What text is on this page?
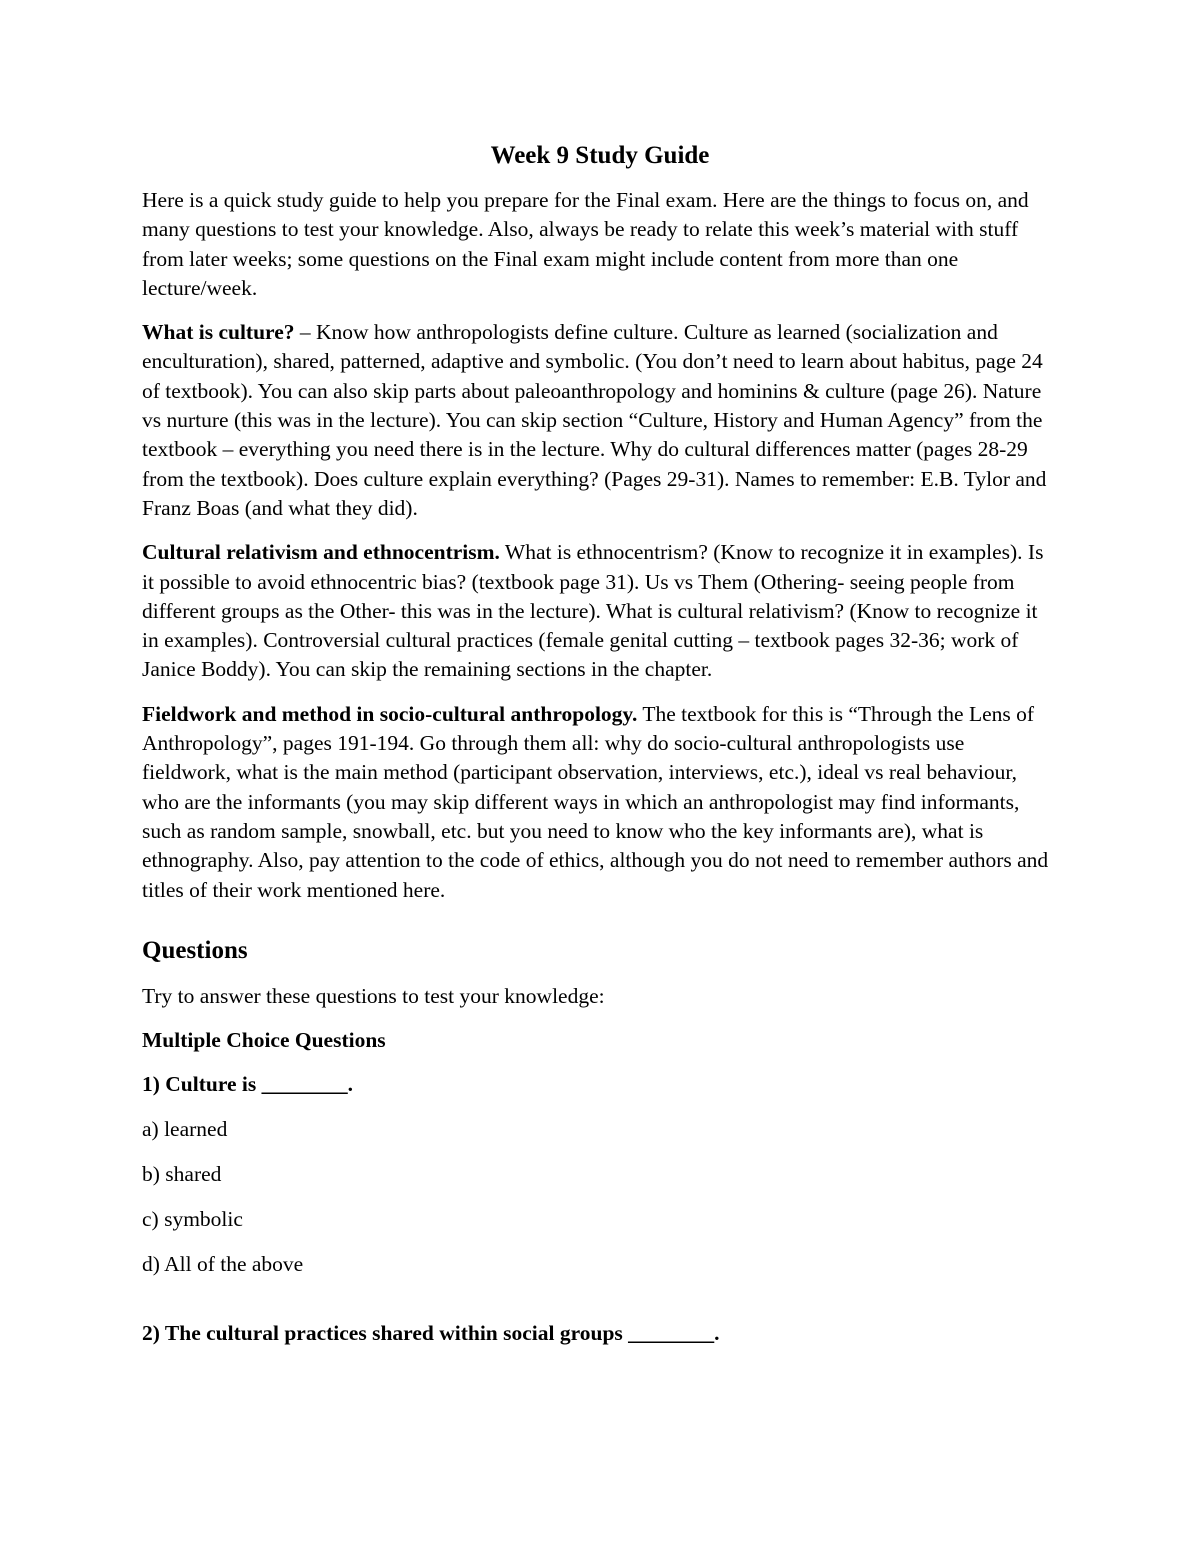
Week 9 Study Guide
Here is a quick study guide to help you prepare for the Final exam. Here are the things to focus on, and many questions to test your knowledge. Also, always be ready to relate this week’s material with stuff from later weeks; some questions on the Final exam might include content from more than one lecture/week.
What is culture? – Know how anthropologists define culture. Culture as learned (socialization and enculturation), shared, patterned, adaptive and symbolic. (You don’t need to learn about habitus, page 24 of textbook). You can also skip parts about paleoanthropology and hominins & culture (page 26). Nature vs nurture (this was in the lecture). You can skip section “Culture, History and Human Agency” from the textbook – everything you need there is in the lecture. Why do cultural differences matter (pages 28-29 from the textbook). Does culture explain everything? (Pages 29-31). Names to remember: E.B. Tylor and Franz Boas (and what they did).
Cultural relativism and ethnocentrism. What is ethnocentrism? (Know to recognize it in examples). Is it possible to avoid ethnocentric bias? (textbook page 31). Us vs Them (Othering- seeing people from different groups as the Other- this was in the lecture). What is cultural relativism? (Know to recognize it in examples). Controversial cultural practices (female genital cutting – textbook pages 32-36; work of Janice Boddy). You can skip the remaining sections in the chapter.
Fieldwork and method in socio-cultural anthropology. The textbook for this is “Through the Lens of Anthropology”, pages 191-194. Go through them all: why do socio-cultural anthropologists use fieldwork, what is the main method (participant observation, interviews, etc.), ideal vs real behaviour, who are the informants (you may skip different ways in which an anthropologist may find informants, such as random sample, snowball, etc. but you need to know who the key informants are), what is ethnography. Also, pay attention to the code of ethics, although you do not need to remember authors and titles of their work mentioned here.
Questions
Try to answer these questions to test your knowledge:
Multiple Choice Questions
1) Culture is ________.
a) learned
b) shared
c) symbolic
d) All of the above
2) The cultural practices shared within social groups ________.
